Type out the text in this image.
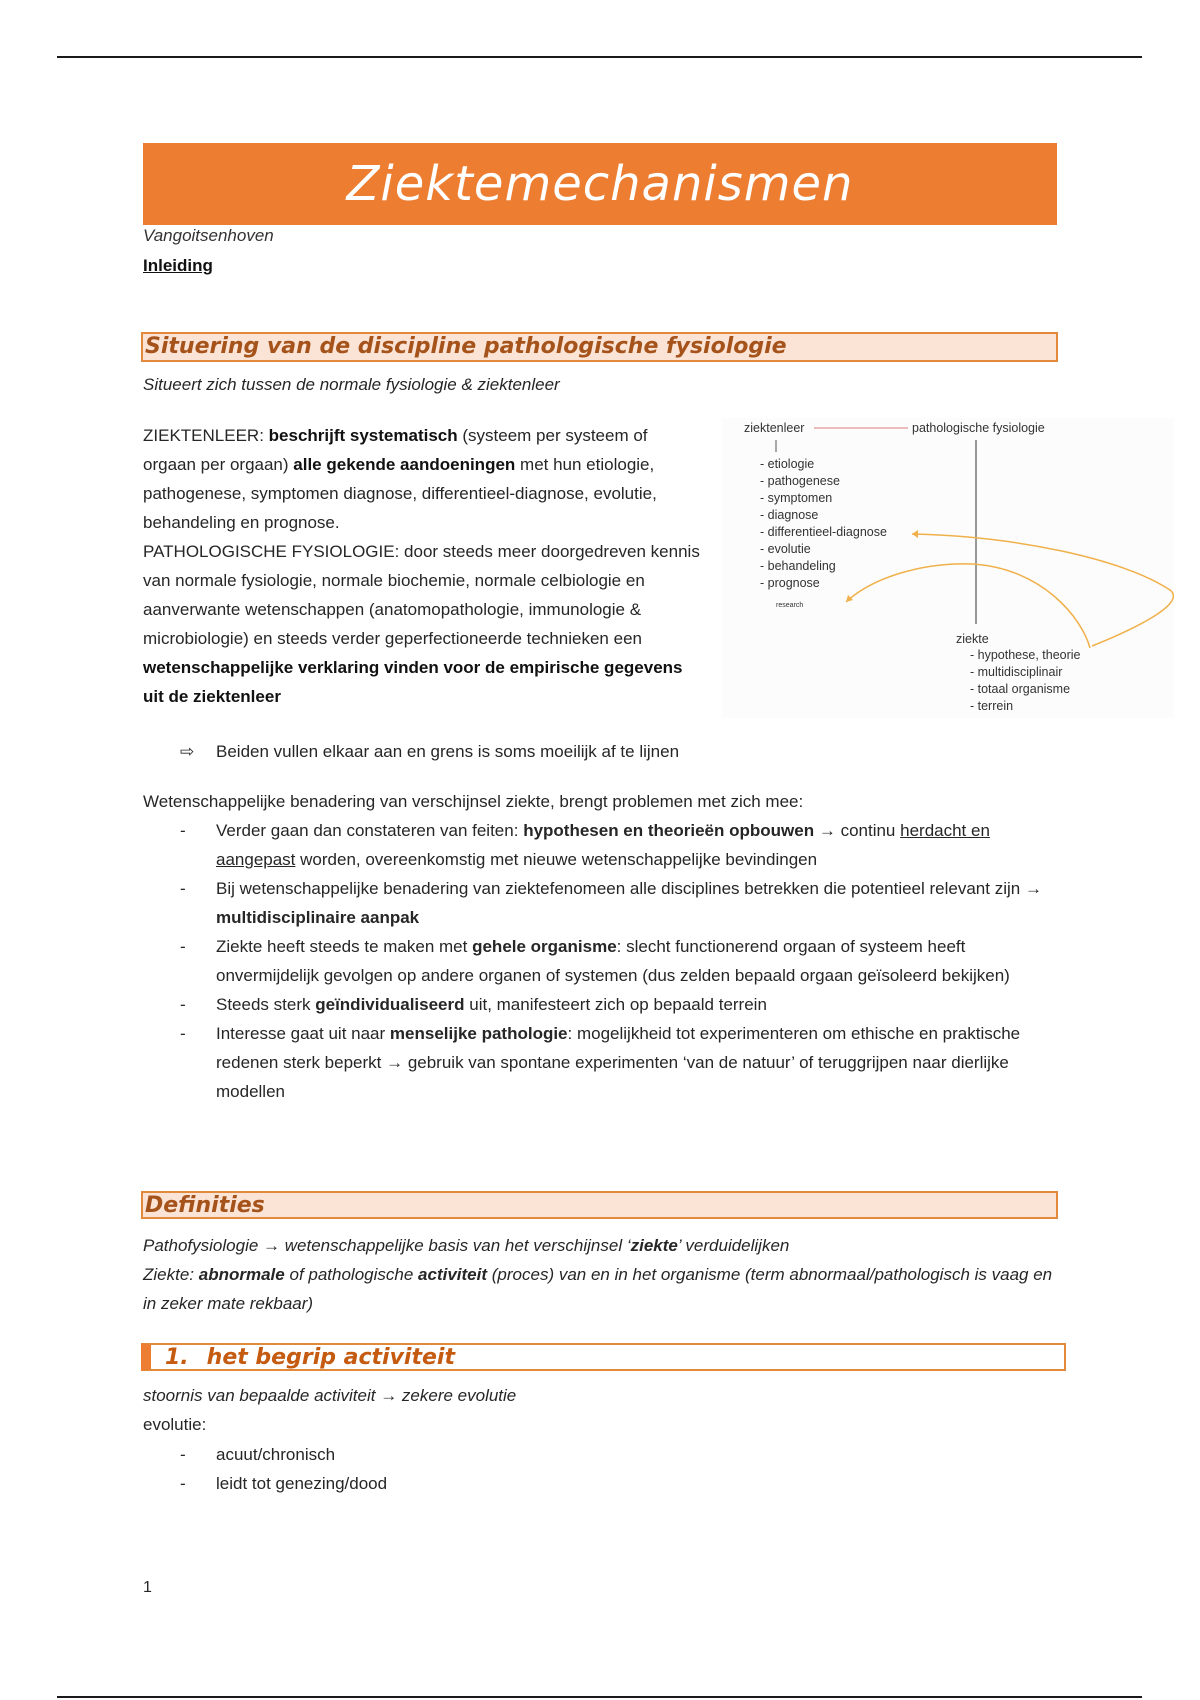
Ziektemechanismen
Vangoitsenhoven
Inleiding
Situering van de discipline pathologische fysiologie
Situeert zich tussen de normale fysiologie & ziektenleer
ZIEKTENLEER: beschrijft systematisch (systeem per systeem of orgaan per orgaan) alle gekende aandoeningen met hun etiologie, pathogenese, symptomen diagnose, differentieel-diagnose, evolutie, behandeling en prognose.
PATHOLOGISCHE FYSIOLOGIE: door steeds meer doorgedreven kennis van normale fysiologie, normale biochemie, normale celbiologie en aanverwante wetenschappen (anatomopathologie, immunologie & microbiologie) en steeds verder geperfectioneerde technieken een wetenschappelijke verklaring vinden voor de empirische gegevens uit de ziektenleer
ziektenleer	pathologische fysiologie
- etiologie
- pathogenese
- symptomen
- diagnose
- differentieel-diagnose
- evolutie
- behandeling
- prognose
research
ziekte
- hypothese, theorie
- multidisciplinair
- totaal organisme
- terrein
⇨ Beiden vullen elkaar aan en grens is soms moeilijk af te lijnen
Wetenschappelijke benadering van verschijnsel ziekte, brengt problemen met zich mee:
- Verder gaan dan constateren van feiten: hypothesen en theorieën opbouwen → continu herdacht en aangepast worden, overeenkomstig met nieuwe wetenschappelijke bevindingen
- Bij wetenschappelijke benadering van ziektefenomeen alle disciplines betrekken die potentieel relevant zijn → multidisciplinaire aanpak
- Ziekte heeft steeds te maken met gehele organisme: slecht functionerend orgaan of systeem heeft onvermijdelijk gevolgen op andere organen of systemen (dus zelden bepaald orgaan geïsoleerd bekijken)
- Steeds sterk geïndividualiseerd uit, manifesteert zich op bepaald terrein
- Interesse gaat uit naar menselijke pathologie: mogelijkheid tot experimenteren om ethische en praktische redenen sterk beperkt → gebruik van spontane experimenten ‘van de natuur’ of teruggrijpen naar dierlijke modellen
Definities
Pathofysiologie → wetenschappelijke basis van het verschijnsel ‘ziekte’ verduidelijken
Ziekte: abnormale of pathologische activiteit (proces) van en in het organisme (term abnormaal/pathologisch is vaag en in zeker mate rekbaar)
1. het begrip activiteit
stoornis van bepaalde activiteit → zekere evolutie
evolutie:
- acuut/chronisch
- leidt tot genezing/dood
1
